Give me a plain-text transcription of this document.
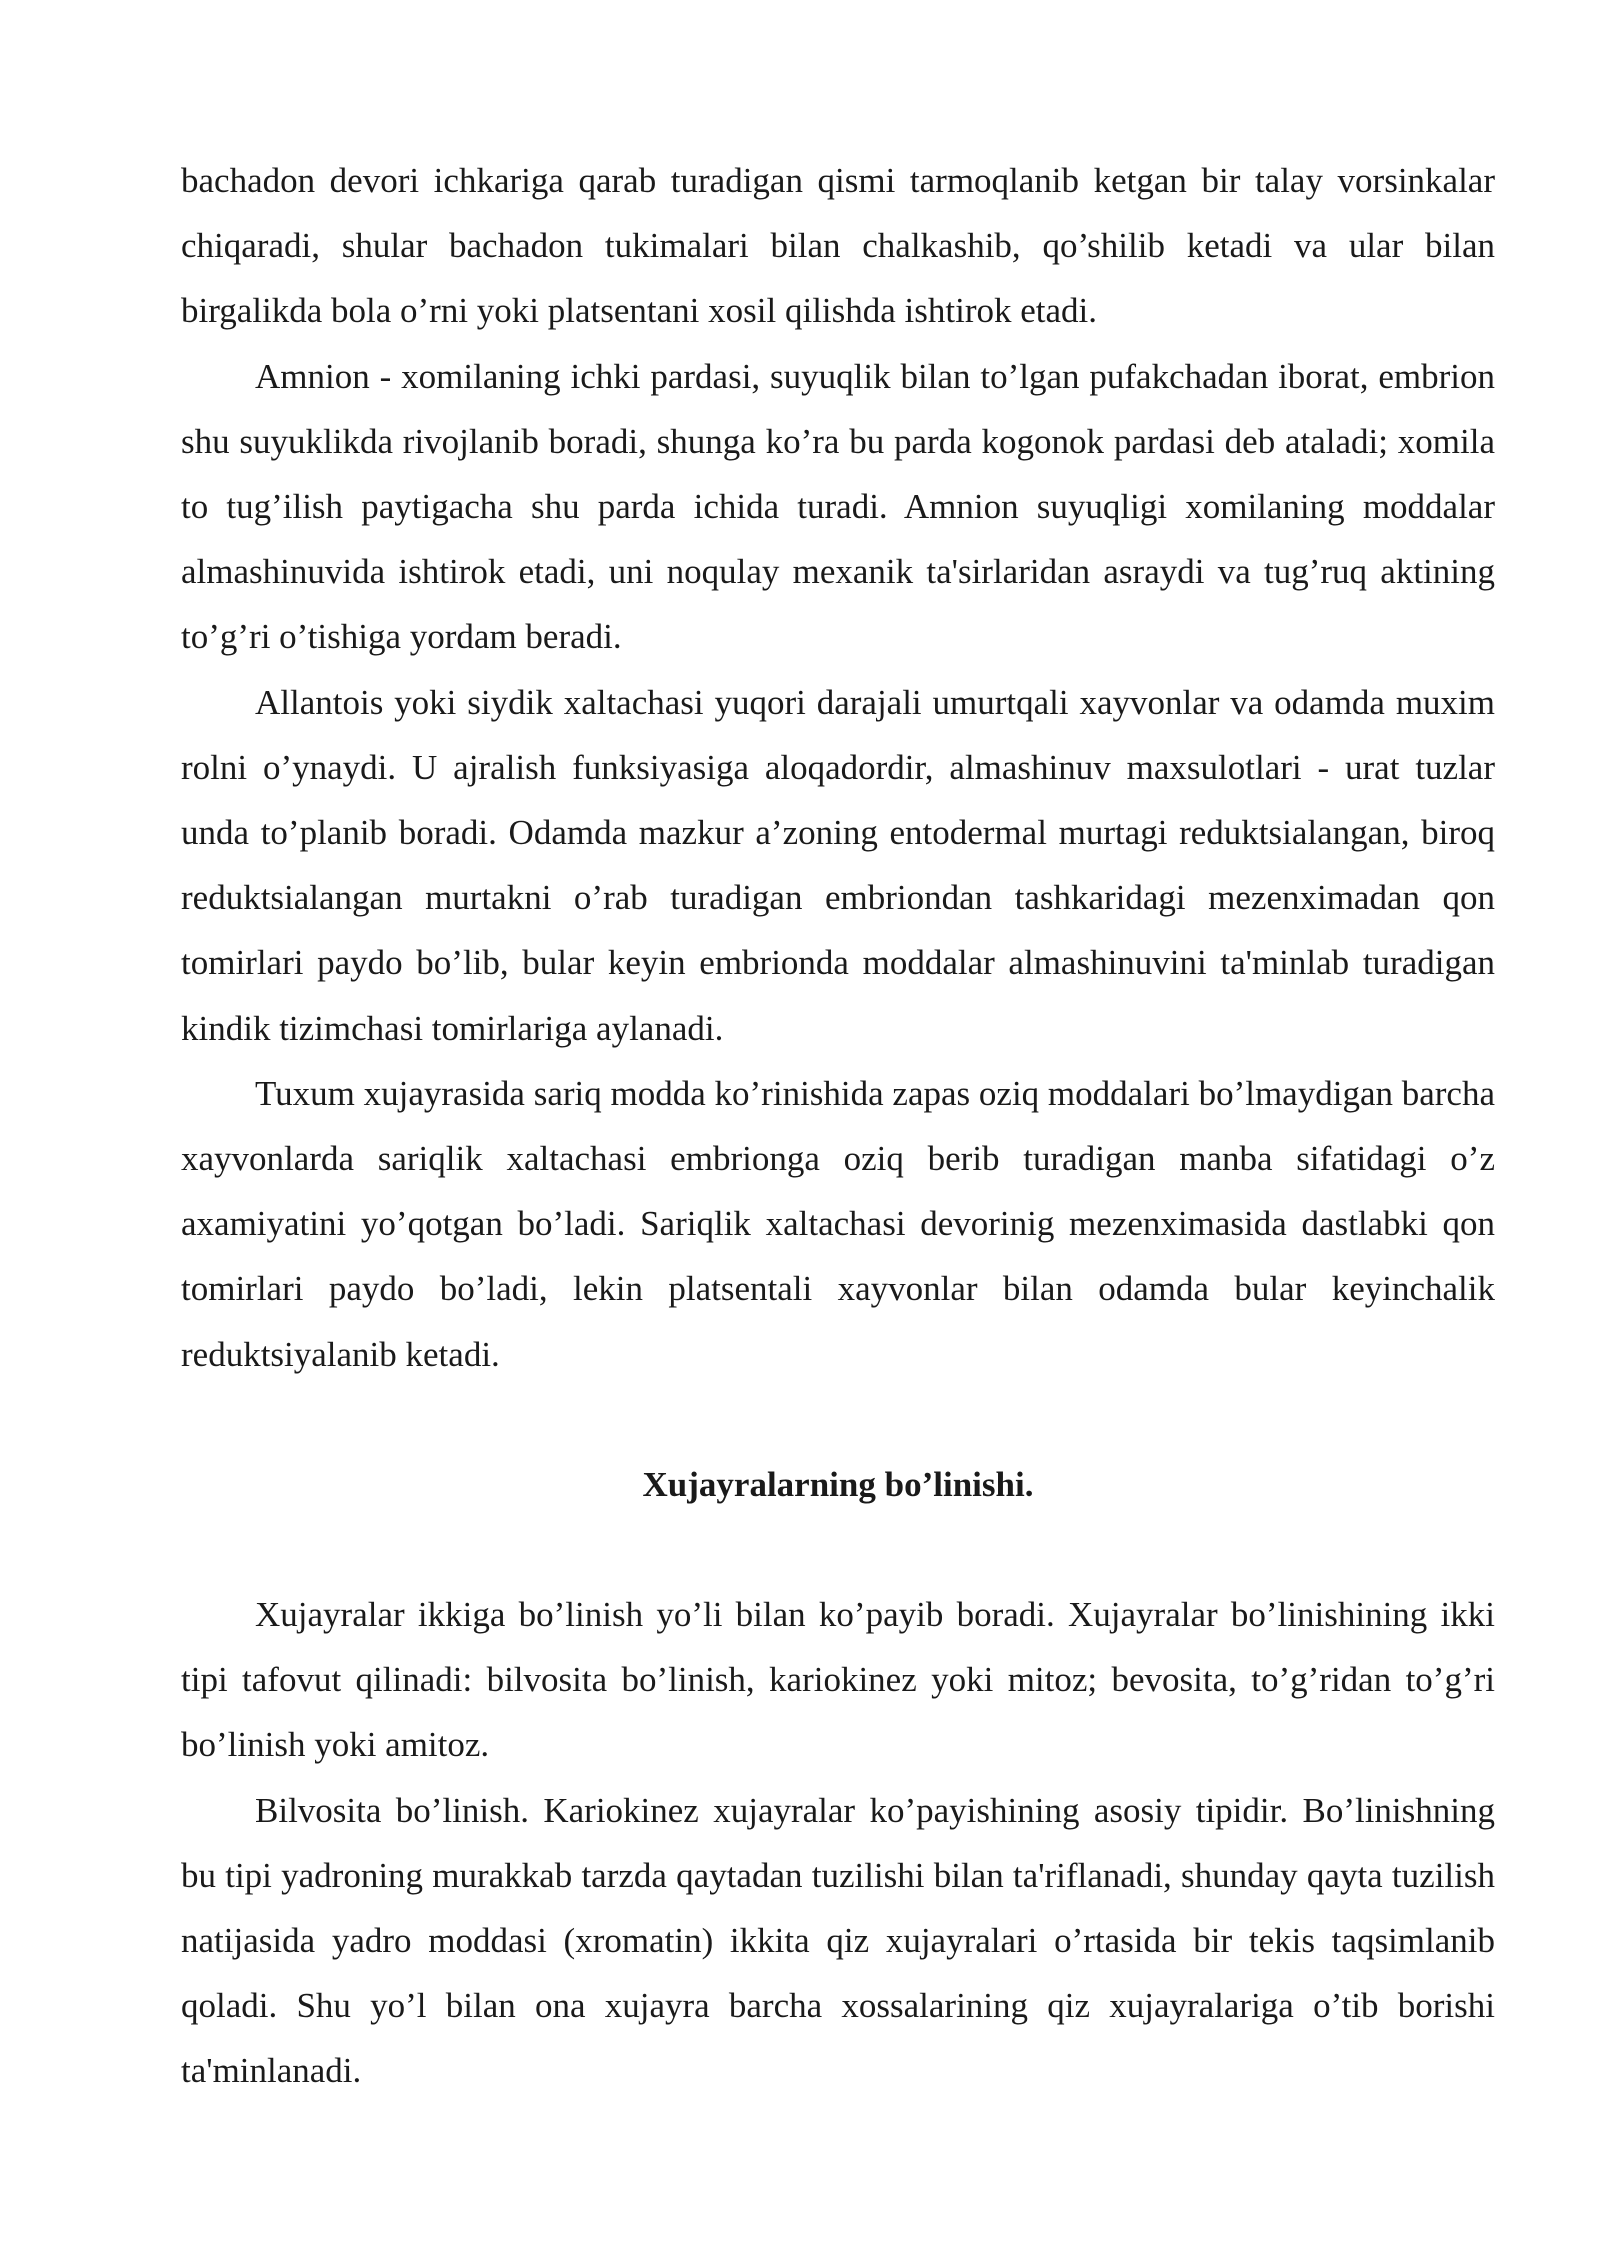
bachadon devori ichkariga qarab turadigan qismi tarmoqlanib ketgan bir talay vorsinkalar chiqaradi, shular bachadon tukimalari bilan chalkashib, qo’shilib ketadi va ular bilan birgalikda bola o’rni yoki platsentani xosil qilishda ishtirok etadi.

Amnion - xomilaning ichki pardasi, suyuqlik bilan to’lgan pufakchadan iborat, embrion shu suyuklikda rivojlanib boradi, shunga ko’ra bu parda kogonok pardasi deb ataladi; xomila to tug’ilish paytigacha shu parda ichida turadi. Amnion suyuqligi xomilaning moddalar almashinuvida ishtirok etadi, uni noqulay mexanik ta'sirlaridan asraydi va tug’ruq aktining to’g’ri o’tishiga yordam beradi.

Allantois yoki siydik xaltachasi yuqori darajali umurtqali xayvonlar va odamda muxim rolni o’ynaydi. U ajralish funksiyasiga aloqadordir, almashinuv maxsulotlari - urat tuzlar unda to’planib boradi. Odamda mazkur a’zoning entodermal murtagi reduktsialangan, biroq reduktsialangan murtakni o’rab turadigan embriondan tashkaridagi mezenximadan qon tomirlari paydo bo’lib, bular keyin embrionda moddalar almashinuvini ta'minlab turadigan kindik tizimchasi tomirlariga aylanadi.

Tuxum xujayrasida sariq modda ko’rinishida zapas oziq moddalari bo’lmaydigan barcha xayvonlarda sariqlik xaltachasi embrionga oziq berib turadigan manba sifatidagi o’z axamiyatini yo’qotgan bo’ladi. Sariqlik xaltachasi devorinig mezenximasida dastlabki qon tomirlari paydo bo’ladi, lekin platsentali xayvonlar bilan odamda bular keyinchalik reduktsiyalanib ketadi.

Xujayralarning bo’linishi.

Xujayralar ikkiga bo’linish yo’li bilan ko’payib boradi. Xujayralar bo’linishining ikki tipi tafovut qilinadi: bilvosita bo’linish, kariokinez yoki mitoz; bevosita, to’g’ridan to’g’ri bo’linish yoki amitoz.

Bilvosita bo’linish. Kariokinez xujayralar ko’payishining asosiy tipidir. Bo’linishning bu tipi yadroning murakkab tarzda qaytadan tuzilishi bilan ta'riflanadi, shunday qayta tuzilish natijasida yadro moddasi (xromatin) ikkita qiz xujayralari o’rtasida bir tekis taqsimlanib qoladi. Shu yo’l bilan ona xujayra barcha xossalarining qiz xujayralariga o’tib borishi ta'minlanadi.
